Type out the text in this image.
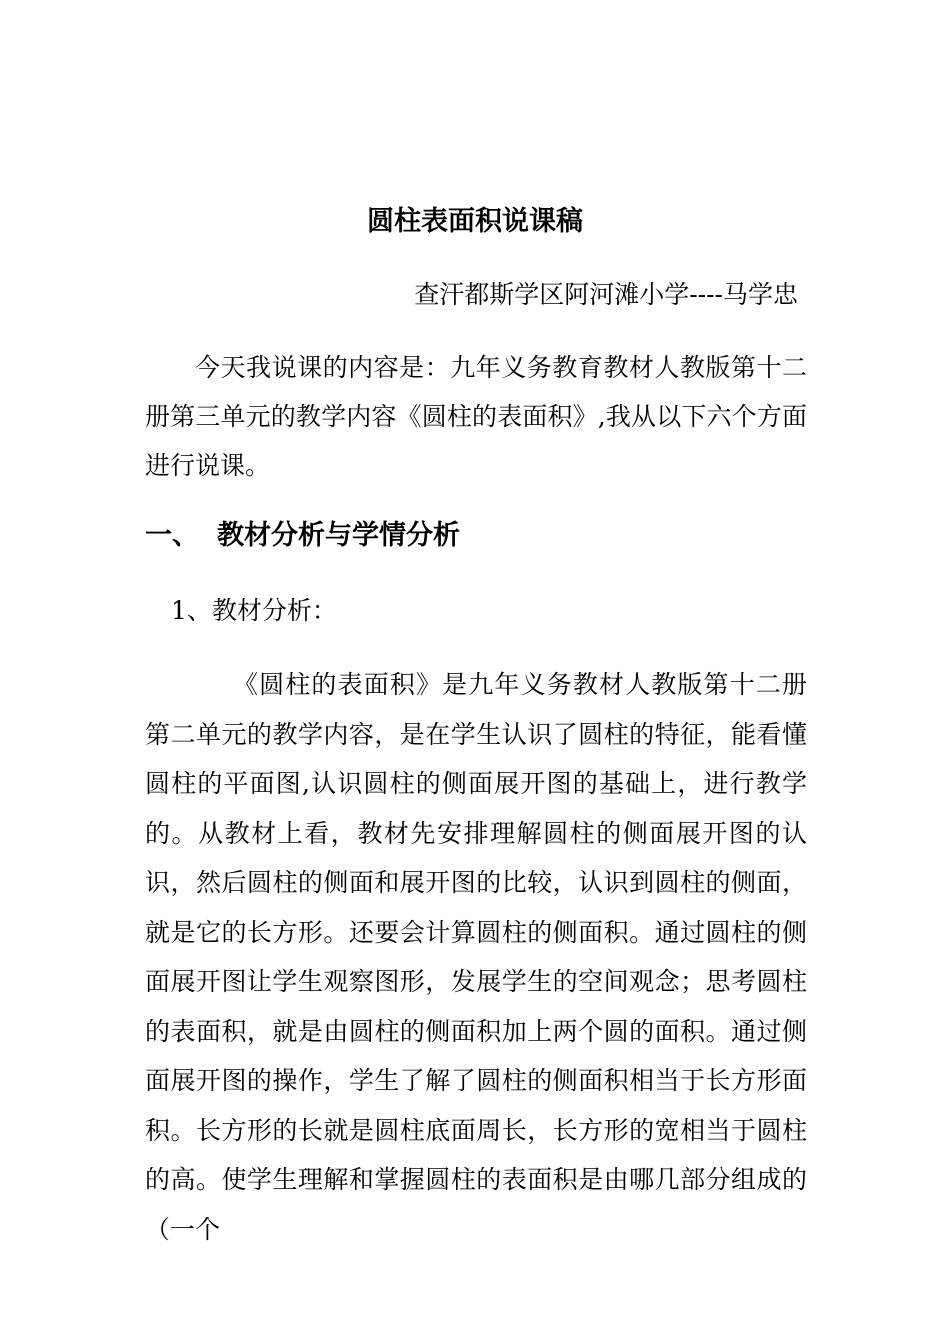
圆柱表面积说课稿
查汗都斯学区阿河滩小学----马学忠

今天我说课的内容是：九年义务教育教材人教版第十二册第三单元的教学内容《圆柱的表面积》,我从以下六个方面进行说课。

一、 教材分析与学情分析
1、教材分析：

《圆柱的表面积》是九年义务教材人教版第十二册第二单元的教学内容，是在学生认识了圆柱的特征，能看懂圆柱的平面图,认识圆柱的侧面展开图的基础上，进行教学的。从教材上看，教材先安排理解圆柱的侧面展开图的认识，然后圆柱的侧面和展开图的比较，认识到圆柱的侧面，就是它的长方形。还要会计算圆柱的侧面积。通过圆柱的侧面展开图让学生观察图形，发展学生的空间观念；思考圆柱的表面积，就是由圆柱的侧面积加上两个圆的面积。通过侧面展开图的操作，学生了解了圆柱的侧面积相当于长方形面积。长方形的长就是圆柱底面周长，长方形的宽相当于圆柱的高。使学生理解和掌握圆柱的表面积是由哪几部分组成的（一个
